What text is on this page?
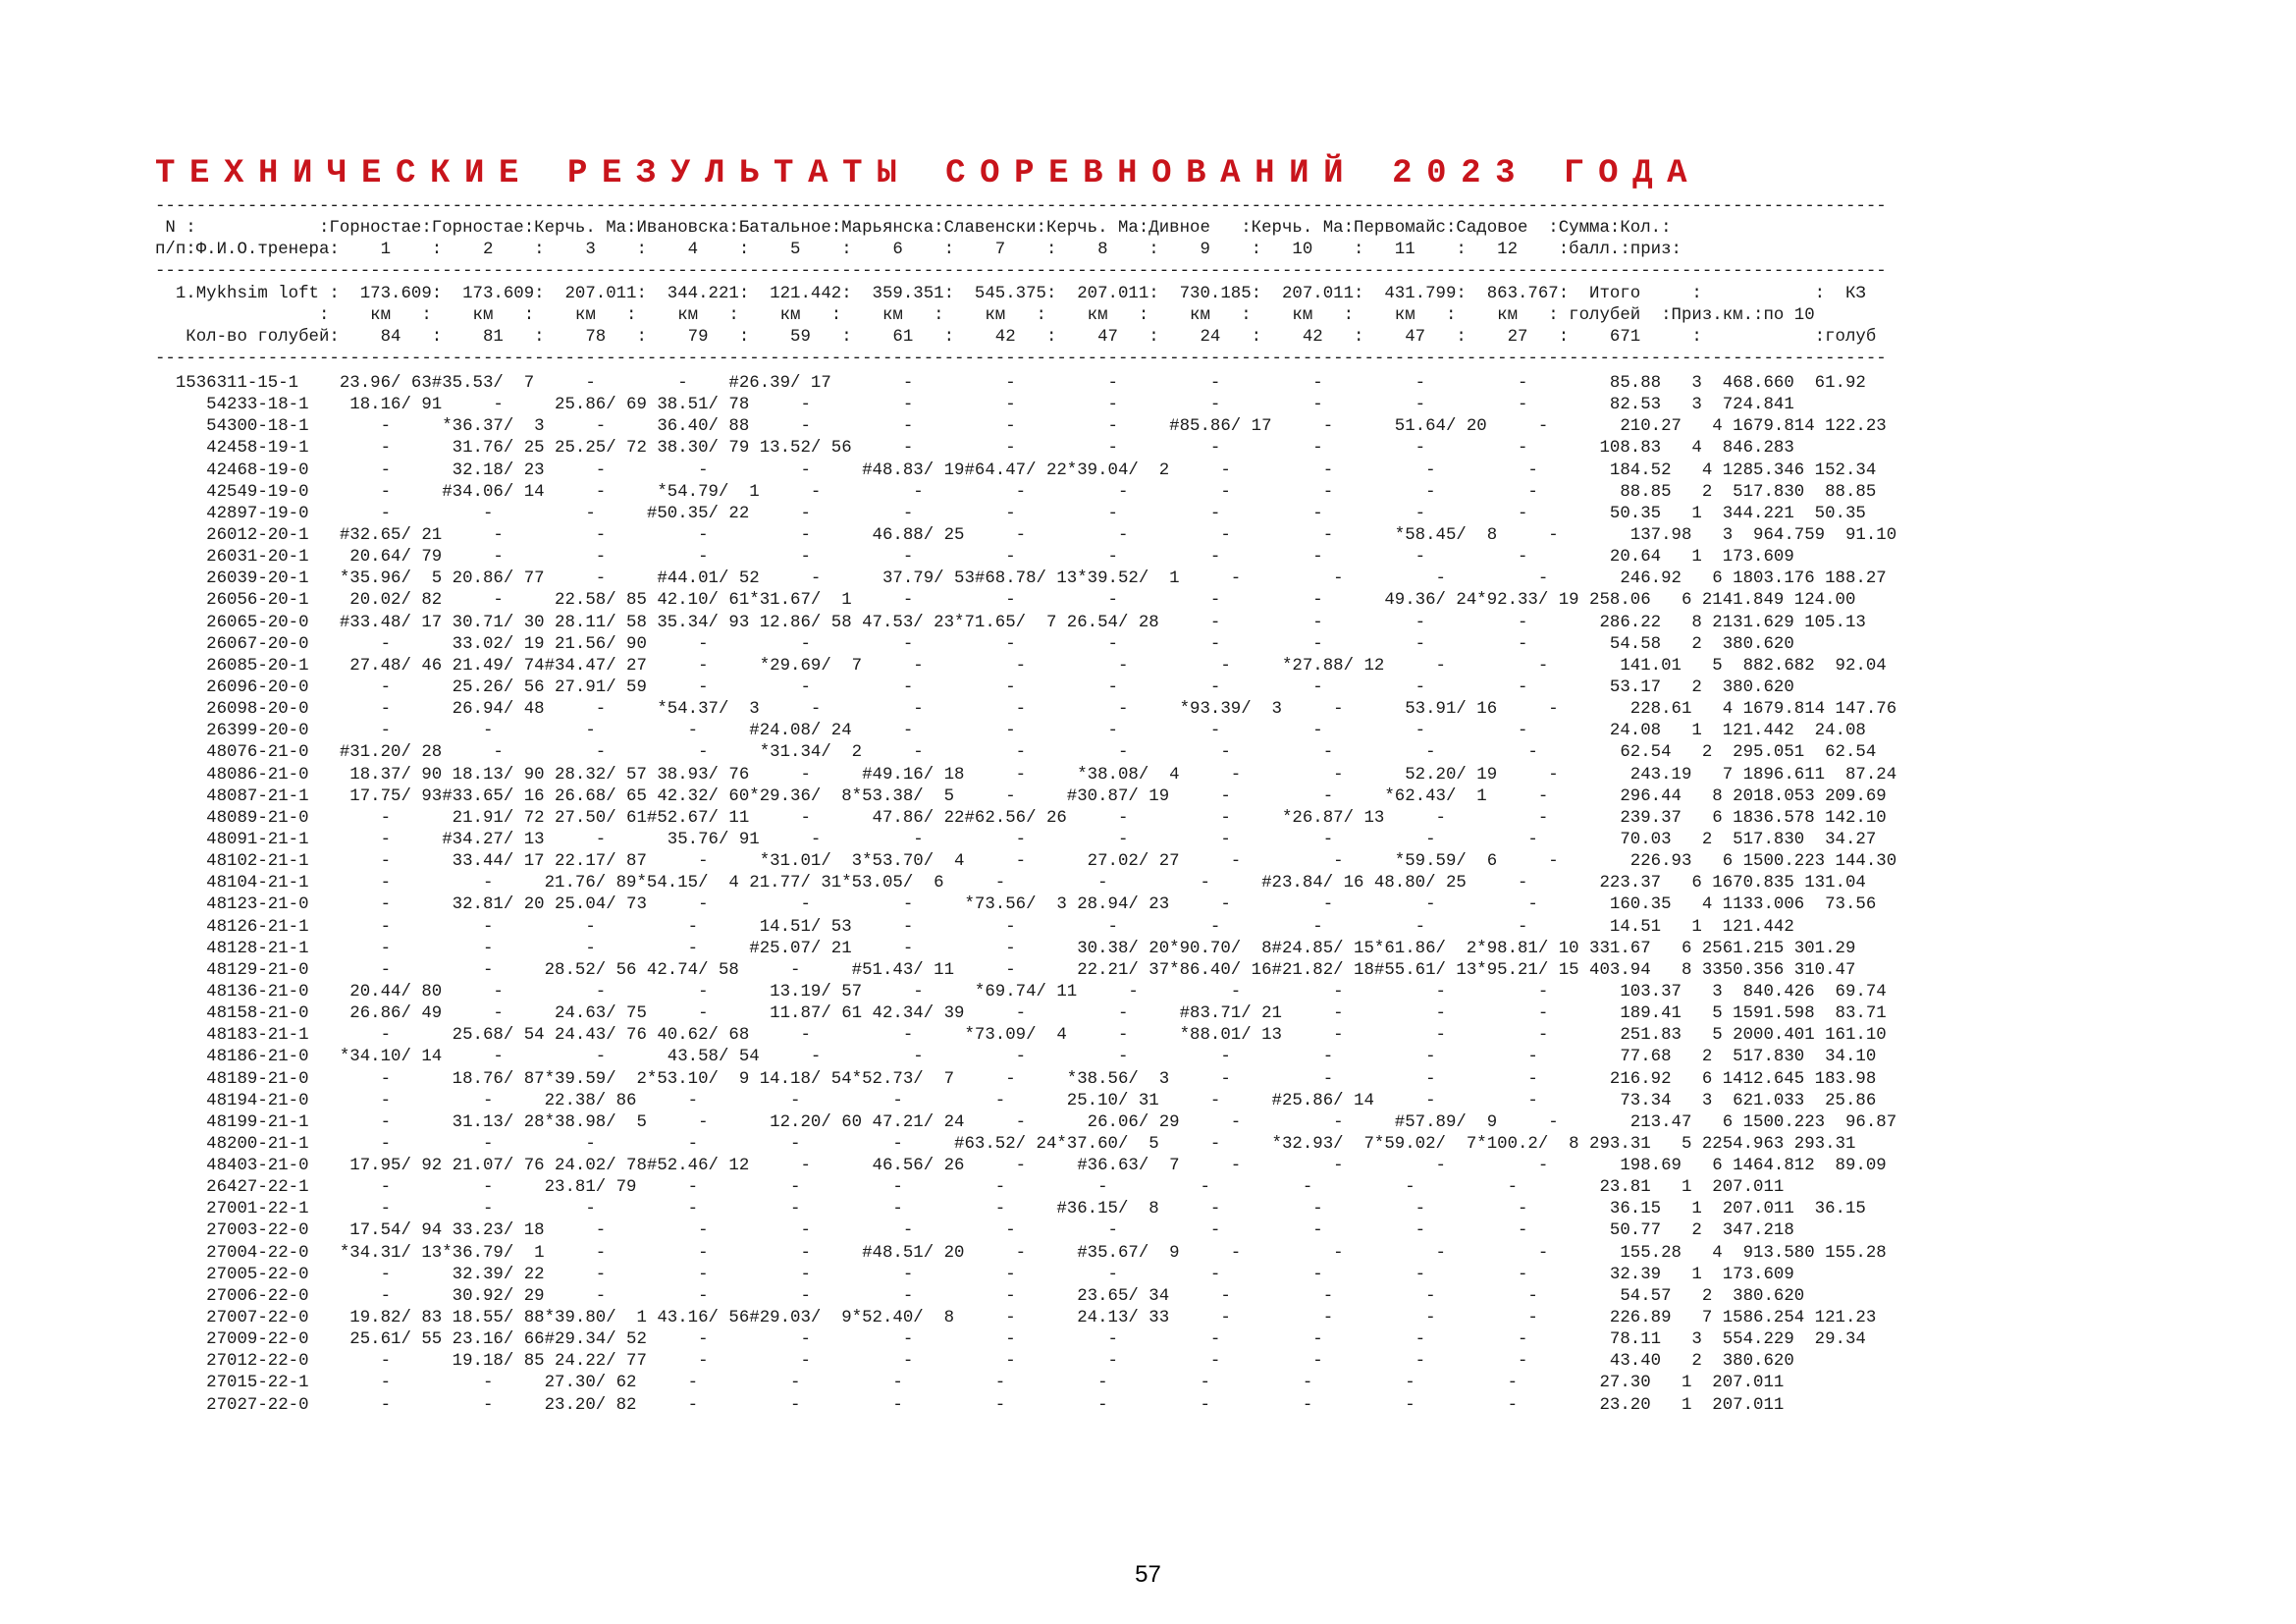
ТЕХНИЧЕСКИЕ РЕЗУЛЬТАТЫ СОРЕВНОВАНИЙ 2023 ГОДА
-------------------------------------------------------------------------------------------------------------------------------------------------------------------------
N :            :Горностае:Горностае:Керчь. Ма:Ивановска:Батальное:Марьянска:Славенски:Керчь. Ма:Дивное   :Керчь. Ма:Первомайс:Садовое  :Сумма:Кол.:
п/п:Ф.И.О.тренера:    1    :    2    :    3    :    4    :    5    :    6    :    7    :    8    :    9    :   10    :   11    :   12    :балл.:приз:
-------------------------------------------------------------------------------------------------------------------------------------------------------------------------
1.Mykhsim loft :  173.609:  173.609:  207.011:  344.221:  121.442:  359.351:  545.375:  207.011:  730.185:  207.011:  431.799:  863.767:  Итого     :           :  КЗ
:    км   :    км   :    км   :    км   :    км   :    км   :    км   :    км   :    км   :    км   :    км   :    км   : голубей  :Приз.км.:по 10
Кол-во голубей:    84   :    81   :    78   :    79   :    59   :    61   :    42   :    47   :    24   :    42   :    47   :    27   :    671     :           :голуб
-------------------------------------------------------------------------------------------------------------------------------------------------------------------------
1536311-15-1    23.96/ 63#35.53/  7     -        -    #26.39/ 17       -         -         -         -         -         -         -        85.88   3  468.660  61.92
54233-18-1    18.16/ 91     -     25.86/ 69 38.51/ 78     -         -         -         -         -         -         -         -        82.53   3  724.841
54300-18-1       -     *36.37/  3     -     36.40/ 88     -         -         -         -     #85.86/ 17     -      51.64/ 20     -       210.27   4 1679.814 122.23
42458-19-1       -      31.76/ 25 25.25/ 72 38.30/ 79 13.52/ 56     -         -         -         -         -         -         -       108.83   4  846.283
42468-19-0       -      32.18/ 23     -         -         -     #48.83/ 19#64.47/ 22*39.04/  2     -         -         -         -       184.52   4 1285.346 152.34
42549-19-0       -     #34.06/ 14     -     *54.79/  1     -         -         -         -         -         -         -         -        88.85   2  517.830  88.85
42897-19-0       -         -         -     #50.35/ 22     -         -         -         -         -         -         -         -        50.35   1  344.221  50.35
26012-20-1   #32.65/ 21     -         -         -         -      46.88/ 25     -         -         -         -      *58.45/  8     -       137.98   3  964.759  91.10
26031-20-1    20.64/ 79     -         -         -         -         -         -         -         -         -         -         -        20.64   1  173.609
26039-20-1   *35.96/  5 20.86/ 77     -     #44.01/ 52     -      37.79/ 53#68.78/ 13*39.52/  1     -         -         -         -       246.92   6 1803.176 188.27
26056-20-1    20.02/ 82     -     22.58/ 85 42.10/ 61*31.67/  1     -         -         -         -         -      49.36/ 24*92.33/ 19 258.06   6 2141.849 124.00
26065-20-0   #33.48/ 17 30.71/ 30 28.11/ 58 35.34/ 93 12.86/ 58 47.53/ 23*71.65/  7 26.54/ 28     -         -         -         -       286.22   8 2131.629 105.13
26067-20-0       -      33.02/ 19 21.56/ 90     -         -         -         -         -         -         -         -         -        54.58   2  380.620
26085-20-1    27.48/ 46 21.49/ 74#34.47/ 27     -     *29.69/  7     -         -         -         -     *27.88/ 12     -         -       141.01   5  882.682  92.04
26096-20-0       -      25.26/ 56 27.91/ 59     -         -         -         -         -         -         -         -         -        53.17   2  380.620
26098-20-0       -      26.94/ 48     -     *54.37/  3     -         -         -         -     *93.39/  3     -      53.91/ 16     -       228.61   4 1679.814 147.76
26399-20-0       -         -         -         -     #24.08/ 24     -         -         -         -         -         -         -        24.08   1  121.442  24.08
48076-21-0   #31.20/ 28     -         -         -     *31.34/  2     -         -         -         -         -         -         -        62.54   2  295.051  62.54
48086-21-0    18.37/ 90 18.13/ 90 28.32/ 57 38.93/ 76     -     #49.16/ 18     -     *38.08/  4     -         -      52.20/ 19     -       243.19   7 1896.611  87.24
48087-21-1    17.75/ 93#33.65/ 16 26.68/ 65 42.32/ 60*29.36/  8*53.38/  5     -     #30.87/ 19     -         -     *62.43/  1     -       296.44   8 2018.053 209.69
48089-21-0       -      21.91/ 72 27.50/ 61#52.67/ 11     -      47.86/ 22#62.56/ 26     -         -     *26.87/ 13     -         -       239.37   6 1836.578 142.10
48091-21-1       -     #34.27/ 13     -      35.76/ 91     -         -         -         -         -         -         -         -        70.03   2  517.830  34.27
48102-21-1       -      33.44/ 17 22.17/ 87     -     *31.01/  3*53.70/  4     -      27.02/ 27     -         -     *59.59/  6     -       226.93   6 1500.223 144.30
48104-21-1       -         -     21.76/ 89*54.15/  4 21.77/ 31*53.05/  6     -         -         -     #23.84/ 16 48.80/ 25     -       223.37   6 1670.835 131.04
48123-21-0       -      32.81/ 20 25.04/ 73     -         -         -     *73.56/  3 28.94/ 23     -         -         -         -       160.35   4 1133.006  73.56
48126-21-1       -         -         -         -      14.51/ 53     -         -         -         -         -         -         -        14.51   1  121.442
48128-21-1       -         -         -         -     #25.07/ 21     -         -      30.38/ 20*90.70/  8#24.85/ 15*61.86/  2*98.81/ 10 331.67   6 2561.215 301.29
48129-21-0       -         -     28.52/ 56 42.74/ 58     -     #51.43/ 11     -      22.21/ 37*86.40/ 16#21.82/ 18#55.61/ 13*95.21/ 15 403.94   8 3350.356 310.47
48136-21-0    20.44/ 80     -         -         -      13.19/ 57     -     *69.74/ 11     -         -         -         -         -       103.37   3  840.426  69.74
48158-21-0    26.86/ 49     -     24.63/ 75     -      11.87/ 61 42.34/ 39     -         -     #83.71/ 21     -         -         -       189.41   5 1591.598  83.71
48183-21-1       -      25.68/ 54 24.43/ 76 40.62/ 68     -         -     *73.09/  4     -     *88.01/ 13     -         -         -       251.83   5 2000.401 161.10
48186-21-0   *34.10/ 14     -         -      43.58/ 54     -         -         -         -         -         -         -         -        77.68   2  517.830  34.10
48189-21-0       -      18.76/ 87*39.59/  2*53.10/  9 14.18/ 54*52.73/  7     -     *38.56/  3     -         -         -         -       216.92   6 1412.645 183.98
48194-21-0       -         -     22.38/ 86     -         -         -         -      25.10/ 31     -     #25.86/ 14     -         -        73.34   3  621.033  25.86
48199-21-1       -      31.13/ 28*38.98/  5     -      12.20/ 60 47.21/ 24     -      26.06/ 29     -         -     #57.89/  9     -       213.47   6 1500.223  96.87
48200-21-1       -         -         -         -         -         -     #63.52/ 24*37.60/  5     -     *32.93/  7*59.02/  7*100.2/  8 293.31   5 2254.963 293.31
48403-21-0    17.95/ 92 21.07/ 76 24.02/ 78#52.46/ 12     -      46.56/ 26     -     #36.63/  7     -         -         -         -       198.69   6 1464.812  89.09
26427-22-1       -         -     23.81/ 79     -         -         -         -         -         -         -         -         -        23.81   1  207.011
27001-22-1       -         -         -         -         -         -         -     #36.15/  8     -         -         -         -        36.15   1  207.011  36.15
27003-22-0    17.54/ 94 33.23/ 18     -         -         -         -         -         -         -         -         -         -        50.77   2  347.218
27004-22-0   *34.31/ 13*36.79/  1     -         -         -     #48.51/ 20     -     #35.67/  9     -         -         -         -       155.28   4  913.580 155.28
27005-22-0       -      32.39/ 22     -         -         -         -         -         -         -         -         -         -        32.39   1  173.609
27006-22-0       -      30.92/ 29     -         -         -         -         -      23.65/ 34     -         -         -         -        54.57   2  380.620
27007-22-0    19.82/ 83 18.55/ 88*39.80/  1 43.16/ 56#29.03/  9*52.40/  8     -      24.13/ 33     -         -         -         -       226.89   7 1586.254 121.23
27009-22-0    25.61/ 55 23.16/ 66#29.34/ 52     -         -         -         -         -         -         -         -         -        78.11   3  554.229  29.34
27012-22-0       -      19.18/ 85 24.22/ 77     -         -         -         -         -         -         -         -         -        43.40   2  380.620
27015-22-1       -         -     27.30/ 62     -         -         -         -         -         -         -         -         -        27.30   1  207.011
27027-22-0       -         -     23.20/ 82     -         -         -         -         -         -         -         -         -        23.20   1  207.011
57
